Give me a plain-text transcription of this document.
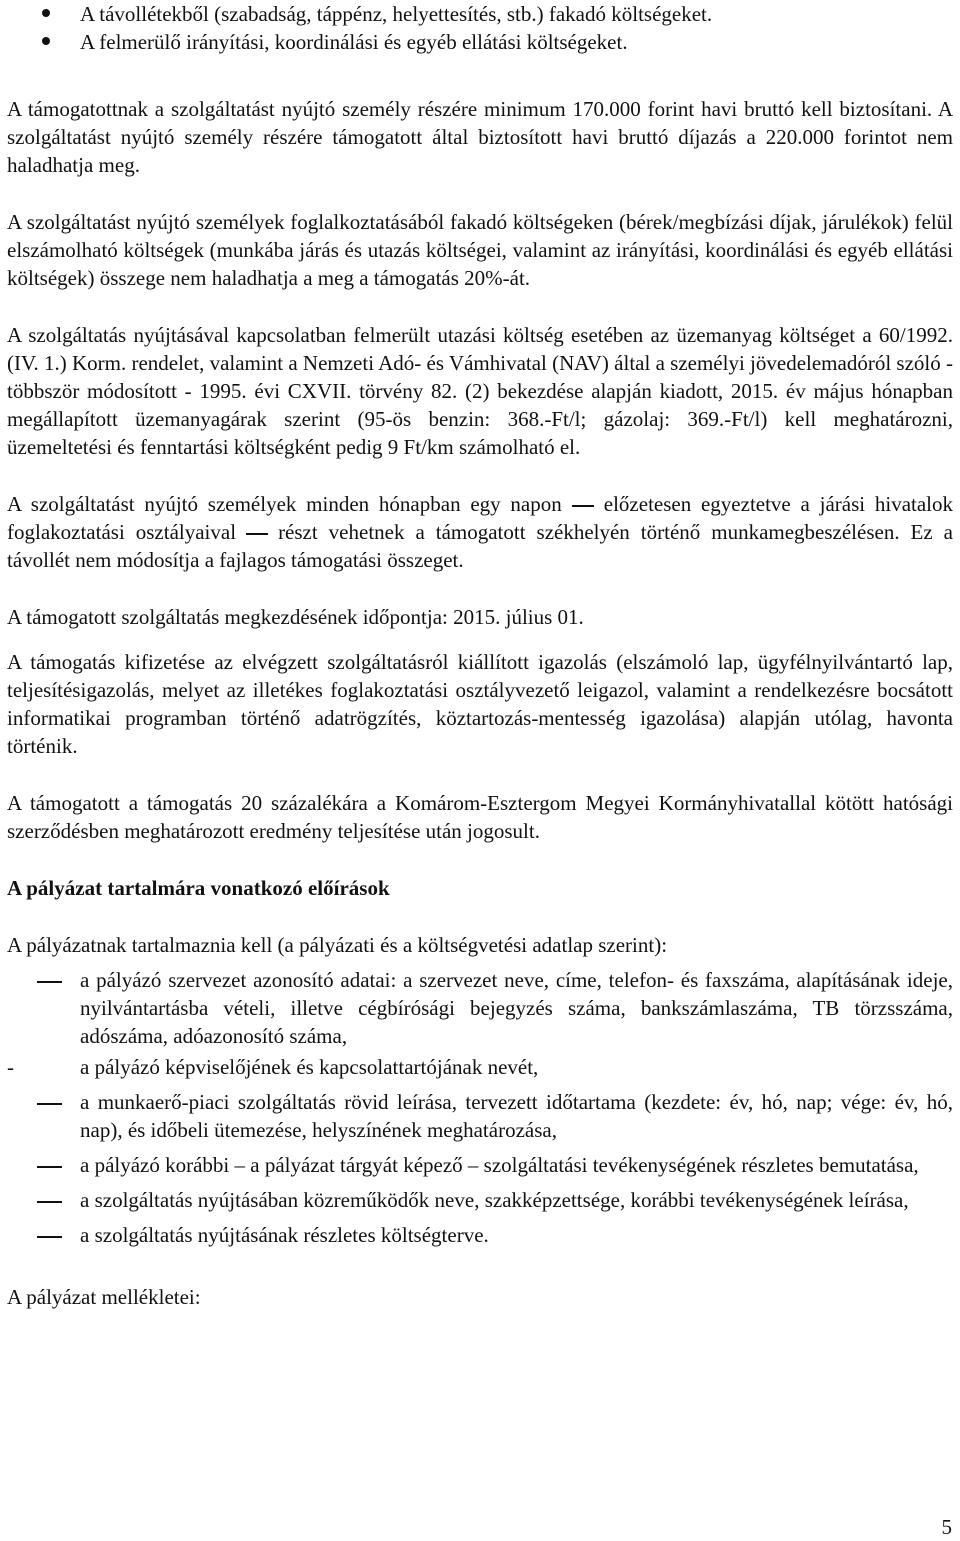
A távollétekből (szabadság, táppénz, helyettesítés, stb.) fakadó költségeket.
A felmerülő irányítási, koordinálási és egyéb ellátási költségeket.

A támogatottnak a szolgáltatást nyújtó személy részére minimum 170.000 forint havi bruttó kell biztosítani. A szolgáltatást nyújtó személy részére támogatott által biztosított havi bruttó díjazás a 220.000 forintot nem haladhatja meg.

A szolgáltatást nyújtó személyek foglalkoztatásából fakadó költségeken (bérek/megbízási díjak, járulékok) felül elszámolható költségek (munkába járás és utazás költségei, valamint az irányítási, koordinálási és egyéb ellátási költségek) összege nem haladhatja a meg a támogatás 20%-át.

A szolgáltatás nyújtásával kapcsolatban felmerült utazási költség esetében az üzemanyag költséget a 60/1992. (IV. 1.) Korm. rendelet, valamint a Nemzeti Adó- és Vámhivatal (NAV) által a személyi jövedelemadóról szóló - többször módosított - 1995. évi CXVII. törvény 82. (2) bekezdése alapján kiadott, 2015. év május hónapban megállapított üzemanyagárak szerint (95-ös benzin: 368.-Ft/l; gázolaj: 369.-Ft/l) kell meghatározni, üzemeltetési és fenntartási költségként pedig 9 Ft/km számolható el.

A szolgáltatást nyújtó személyek minden hónapban egy napon előzetesen egyeztetve a járási hivatalok foglakoztatási osztályaival részt vehetnek a támogatott székhelyén történő munkamegbeszélésen. Ez a távollét nem módosítja a fajlagos támogatási összeget.

A támogatott szolgáltatás megkezdésének időpontja: 2015. július 01.

A támogatás kifizetése az elvégzett szolgáltatásról kiállított igazolás (elszámoló lap, ügyfélnyilvántartó lap, teljesítésigazolás, melyet az illetékes foglakoztatási osztályvezető leigazol, valamint a rendelkezésre bocsátott informatikai programban történő adatrögzítés, köztartozás-mentesség igazolása) alapján utólag, havonta történik.

A támogatott a támogatás 20 százalékára a Komárom-Esztergom Megyei Kormányhivatallal kötött hatósági szerződésben meghatározott eredmény teljesítése után jogosult.

A pályázat tartalmára vonatkozó előírások

A pályázatnak tartalmaznia kell (a pályázati és a költségvetési adatlap szerint):

a pályázó szervezet azonosító adatai: a szervezet neve, címe, telefon- és faxszáma, alapításának ideje, nyilvántartásba vételi, illetve cégbírósági bejegyzés száma, bankszámlaszáma, TB törzsszáma, adószáma, adóazonosító száma,
a pályázó képviselőjének és kapcsolattartójának nevét,
a munkaerő-piaci szolgáltatás rövid leírása, tervezett időtartama (kezdete: év, hó, nap; vége: év, hó, nap), és időbeli ütemezése, helyszínének meghatározása,
a pályázó korábbi – a pályázat tárgyát képező – szolgáltatási tevékenységének részletes bemutatása,
a szolgáltatás nyújtásában közreműködők neve, szakképzettsége, korábbi tevékenységének leírása,
a szolgáltatás nyújtásának részletes költségterve.

A pályázat mellékletei:

5
